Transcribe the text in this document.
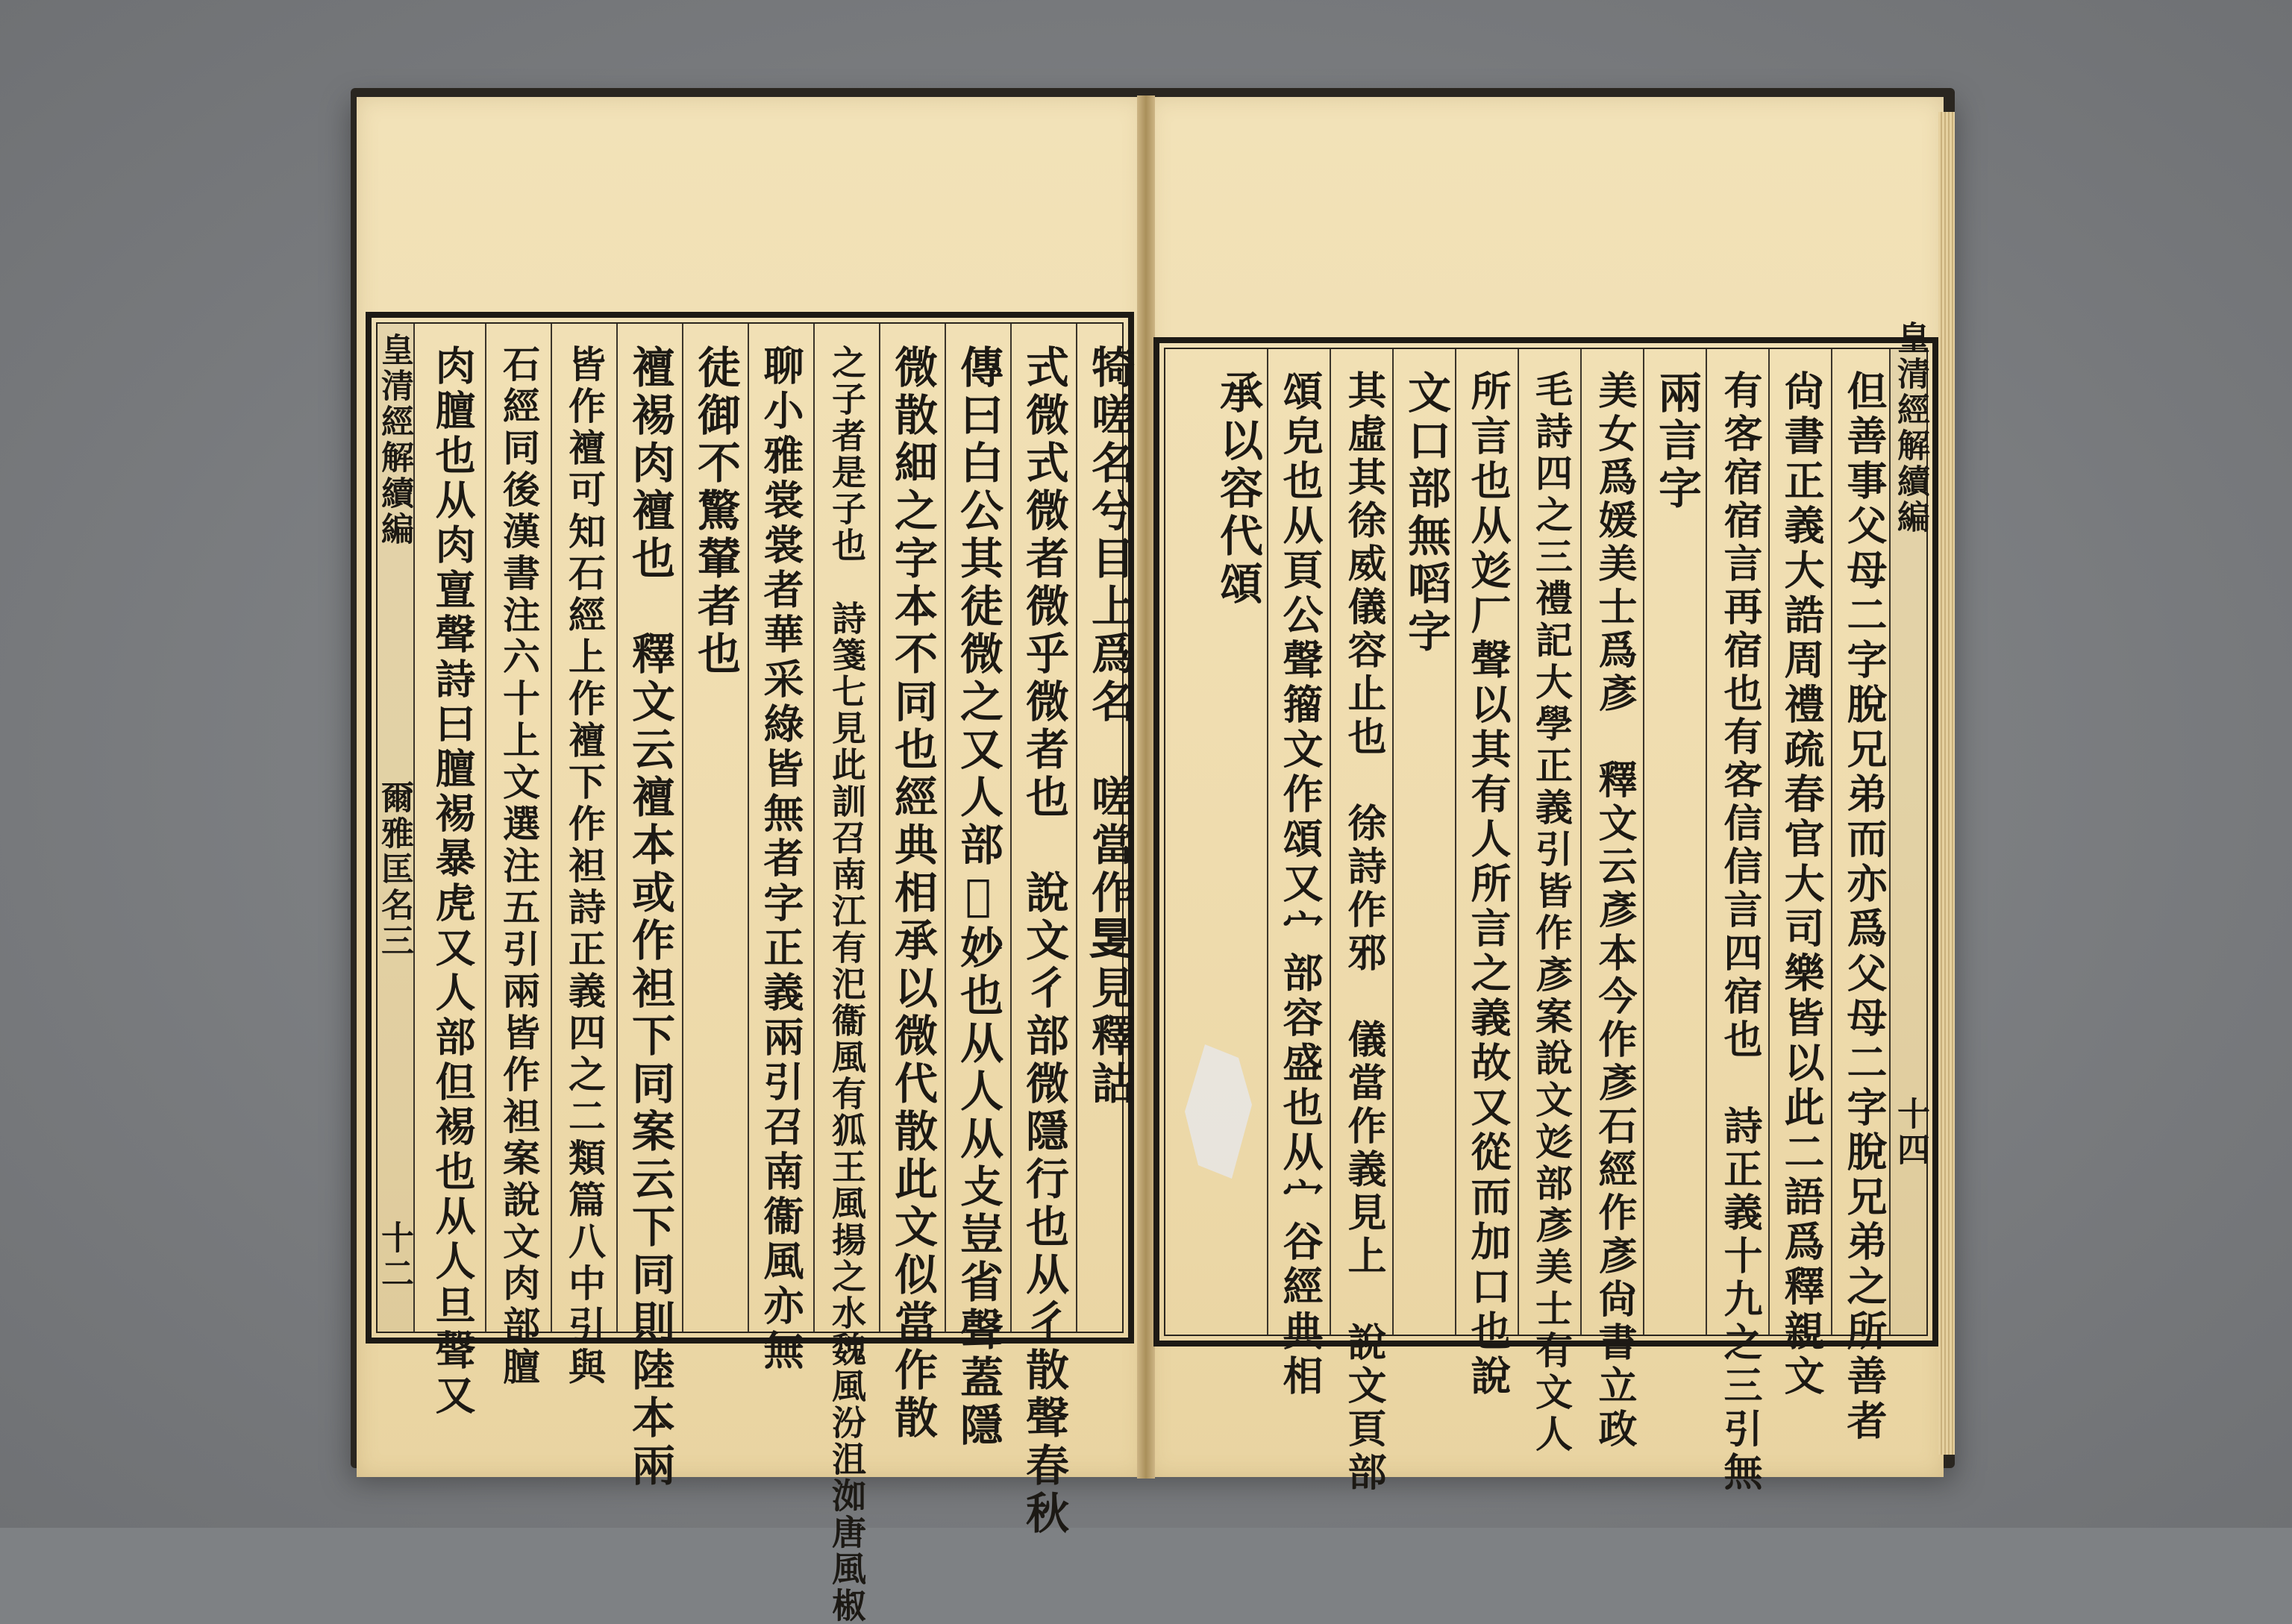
皇清經解續編
爾雅匡名三
十二
犄嗟名兮目上爲名　嗟當作𥄎見釋詁
式微式微者微乎微者也　說文彳部微隱行也从彳散聲春秋
傳曰白公其徒微之又人部𢼸妙也从人从攴豈省聲蓋隱
微散細之字本不同也經典相承以微代散此文似當作散
之子者是子也　詩箋七見此訓召南江有汜衞風有狐王風揚之水魏風汾沮洳唐風椒
聊小雅裳裳者華采綠皆無者字正義兩引召南衞風亦無
徒御不驚輦者也
襢裼肉襢也　釋文云襢本或作袒下同案云下同則陸本兩
皆作襢可知石經上作襢下作袒詩正義四之二類篇八中引與
石經同後漢書注六十上文選注五引兩皆作袒案說文肉部膻
肉膻也从肉亶聲詩曰膻裼暴虎又人部但裼也从人旦聲又	皇清經解續編
十四
但善事父母二字脫兄弟而亦爲父母二字脫兄弟之所善者
尙書正義大誥周禮疏春官大司樂皆以此二語爲釋親文
有客宿宿言再宿也有客信信言四宿也　詩正義十九之三引無
兩言字
美女爲媛美士爲彥　釋文云彥本今作彥石經作彥尙書立政
毛詩四之三禮記大學正義引皆作彥案說文彣部彥美士有文人
所言也从彣厂聲以其有人所言之義故又從而加口也說
文口部無㗖字
其虛其徐威儀容止也　徐詩作邪　儀當作義見上　說文頁部
頌皃也从頁公聲籀文作頌又宀部容盛也从宀谷經典相
承以容代頌
